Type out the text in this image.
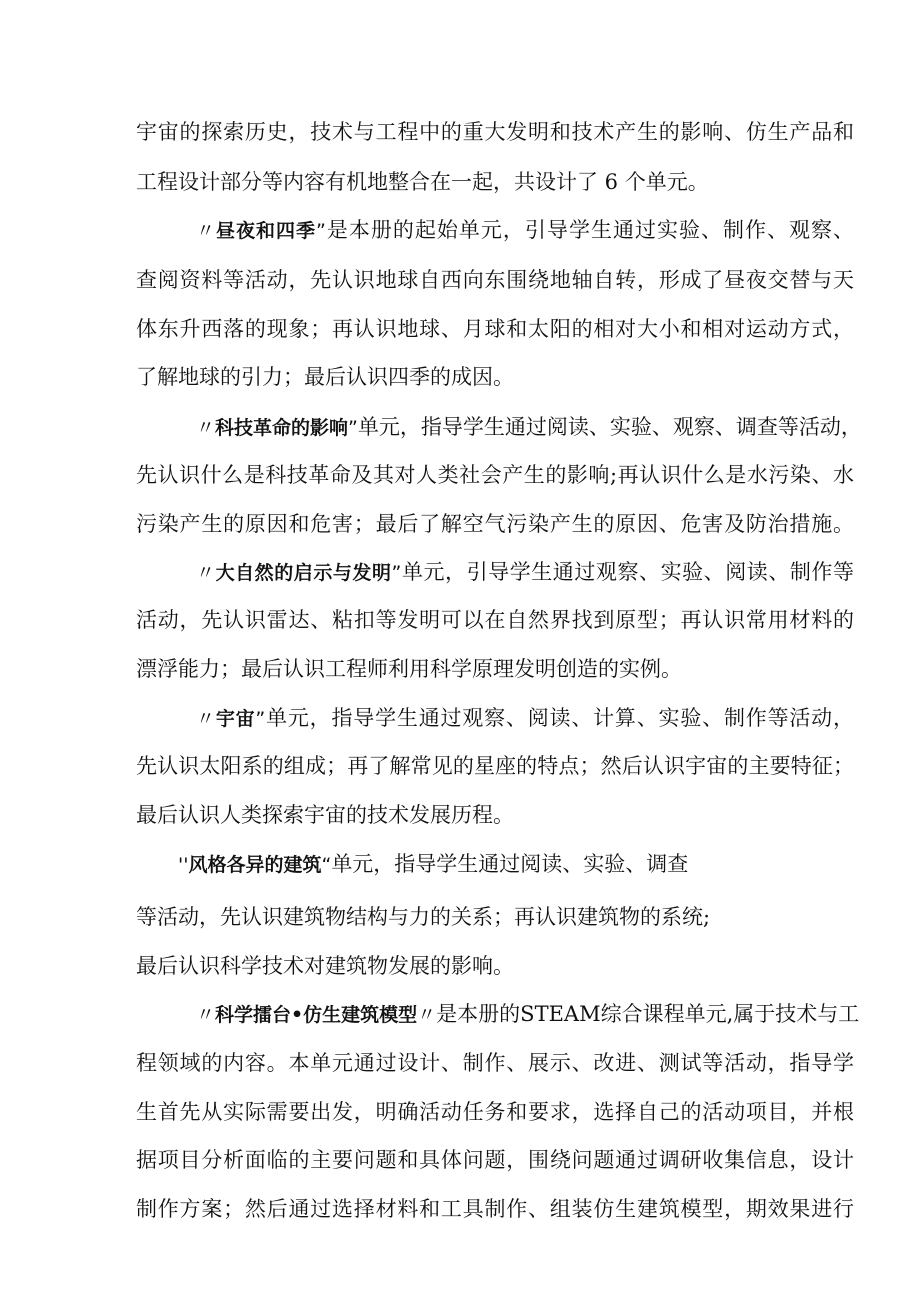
宇宙的探索历史，技术与工程中的重大发明和技术产生的影响、仿生产品和
工程设计部分等内容有机地整合在一起，共设计了 6 个单元。
〃昼夜和四季”是本册的起始单元，引导学生通过实验、制作、观察、
查阅资料等活动，先认识地球自西向东围绕地轴自转，形成了昼夜交替与天
体东升西落的现象；再认识地球、月球和太阳的相对大小和相对运动方式，
了解地球的引力；最后认识四季的成因。
〃科技革命的影响”单元，指导学生通过阅读、实验、观察、调查等活动，
先认识什么是科技革命及其对人类社会产生的影响;再认识什么是水污染、水
污染产生的原因和危害；最后了解空气污染产生的原因、危害及防治措施。
〃大自然的启示与发明”单元，引导学生通过观察、实验、阅读、制作等
活动，先认识雷达、粘扣等发明可以在自然界找到原型；再认识常用材料的
漂浮能力；最后认识工程师利用科学原理发明创造的实例。
〃宇宙”单元，指导学生通过观察、阅读、计算、实验、制作等活动，
先认识太阳系的组成；再了解常见的星座的特点；然后认识宇宙的主要特征；
最后认识人类探索宇宙的技术发展历程。
''风格各异的建筑“单元，指导学生通过阅读、实验、调查
等活动，先认识建筑物结构与力的关系；再认识建筑物的系统;
最后认识科学技术对建筑物发展的影响。
〃科学擂台•仿生建筑模型〃是本册的STEAM综合课程单元,属于技术与工
程领域的内容。本单元通过设计、制作、展示、改进、测试等活动，指导学
生首先从实际需要出发，明确活动任务和要求，选择自己的活动项目，并根
据项目分析面临的主要问题和具体问题，围绕问题通过调研收集信息，设计
制作方案；然后通过选择材料和工具制作、组装仿生建筑模型，期效果进行
